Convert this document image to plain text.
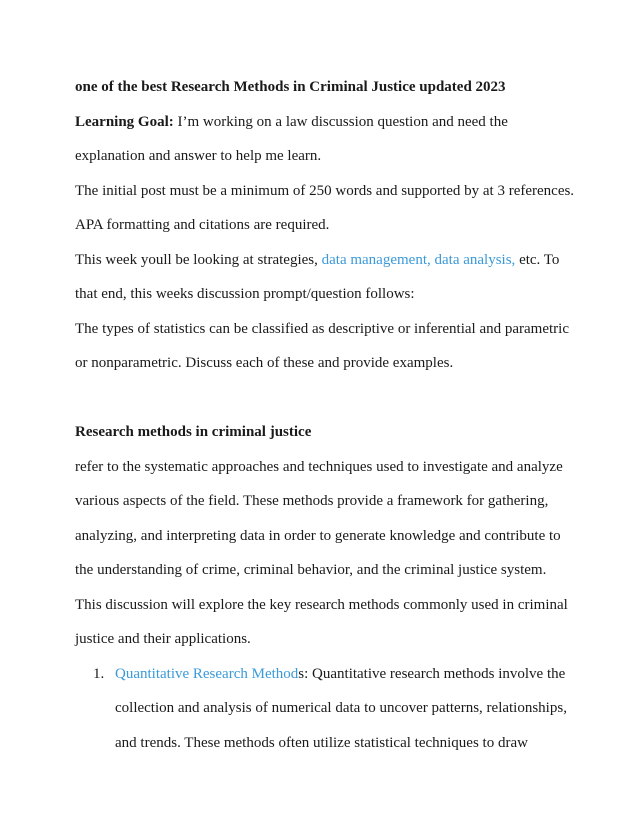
one of the best Research Methods in Criminal Justice updated 2023
Learning Goal: I’m working on a law discussion question and need the
explanation and answer to help me learn.
The initial post must be a minimum of 250 words and supported by at 3 references.
APA formatting and citations are required.
This week youll be looking at strategies, data management, data analysis, etc. To
that end, this weeks discussion prompt/question follows:
The types of statistics can be classified as descriptive or inferential and parametric
or nonparametric. Discuss each of these and provide examples.
Research methods in criminal justice
refer to the systematic approaches and techniques used to investigate and analyze
various aspects of the field. These methods provide a framework for gathering,
analyzing, and interpreting data in order to generate knowledge and contribute to
the understanding of crime, criminal behavior, and the criminal justice system.
This discussion will explore the key research methods commonly used in criminal
justice and their applications.
1. Quantitative Research Methods: Quantitative research methods involve the
collection and analysis of numerical data to uncover patterns, relationships,
and trends. These methods often utilize statistical techniques to draw
